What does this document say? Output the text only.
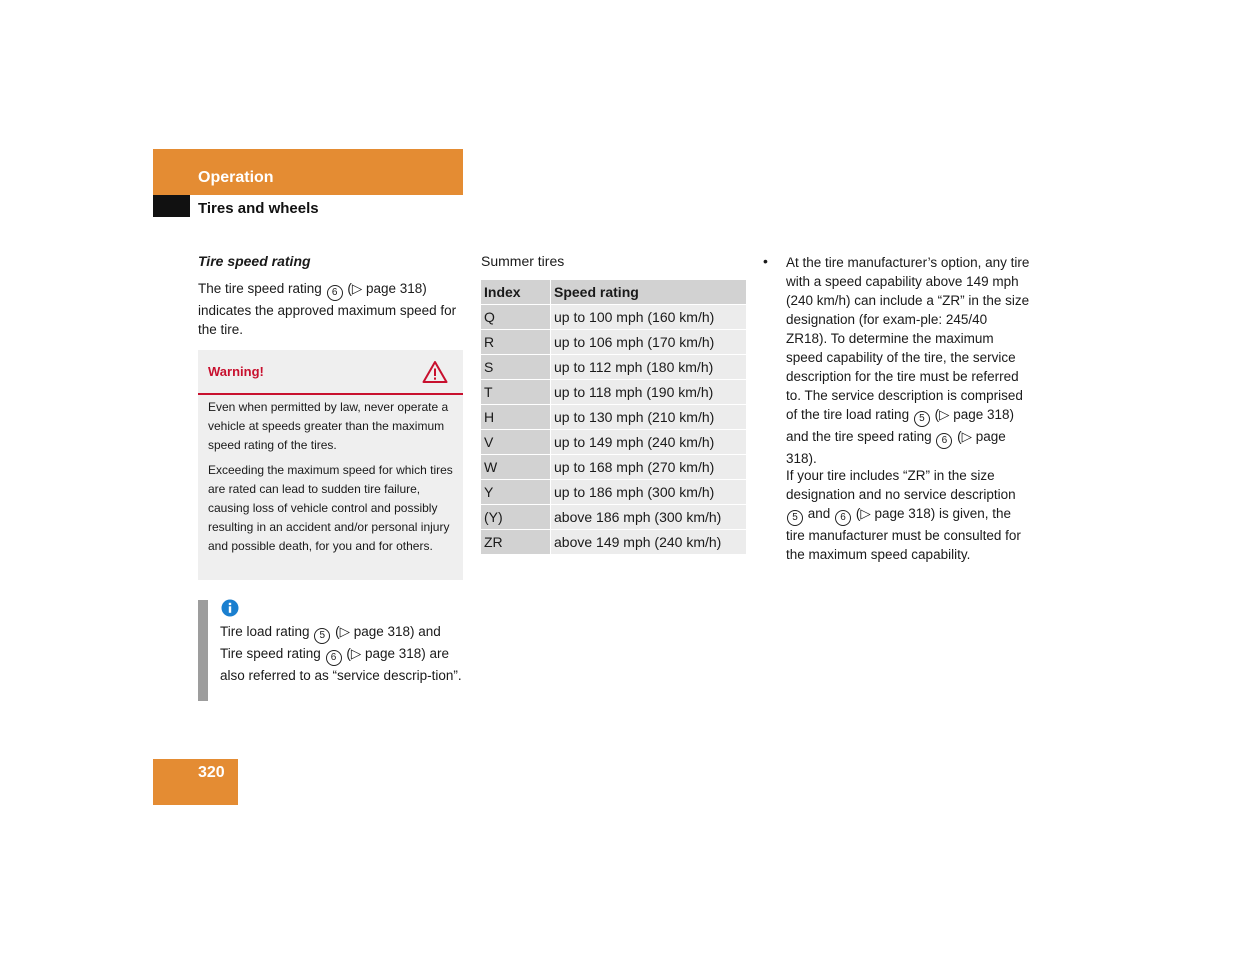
Operation
Tires and wheels
Tire speed rating
The tire speed rating 6 (▷ page 318) indicates the approved maximum speed for the tire.
Warning!
Even when permitted by law, never operate a vehicle at speeds greater than the maximum speed rating of the tires.
Exceeding the maximum speed for which tires are rated can lead to sudden tire failure, causing loss of vehicle control and possibly resulting in an accident and/or personal injury and possible death, for you and for others.
Tire load rating 5 (▷ page 318) and Tire speed rating 6 (▷ page 318) are also referred to as “service descrip-tion”.
Summer tires
Index	Speed rating
Q	up to 100 mph (160 km/h)
R	up to 106 mph (170 km/h)
S	up to 112 mph (180 km/h)
T	up to 118 mph (190 km/h)
H	up to 130 mph (210 km/h)
V	up to 149 mph (240 km/h)
W	up to 168 mph (270 km/h)
Y	up to 186 mph (300 km/h)
(Y)	above 186 mph (300 km/h)
ZR	above 149 mph (240 km/h)
• At the tire manufacturer’s option, any tire with a speed capability above 149 mph (240 km/h) can include a “ZR” in the size designation (for exam-ple: 245/40 ZR18). To determine the maximum speed capability of the tire, the service description for the tire must be referred to. The service description is comprised of the tire load rating 5 (▷ page 318) and the tire speed rating 6 (▷ page 318).
If your tire includes “ZR” in the size designation and no service description 5 and 6 (▷ page 318) is given, the tire manufacturer must be consulted for the maximum speed capability.
320
